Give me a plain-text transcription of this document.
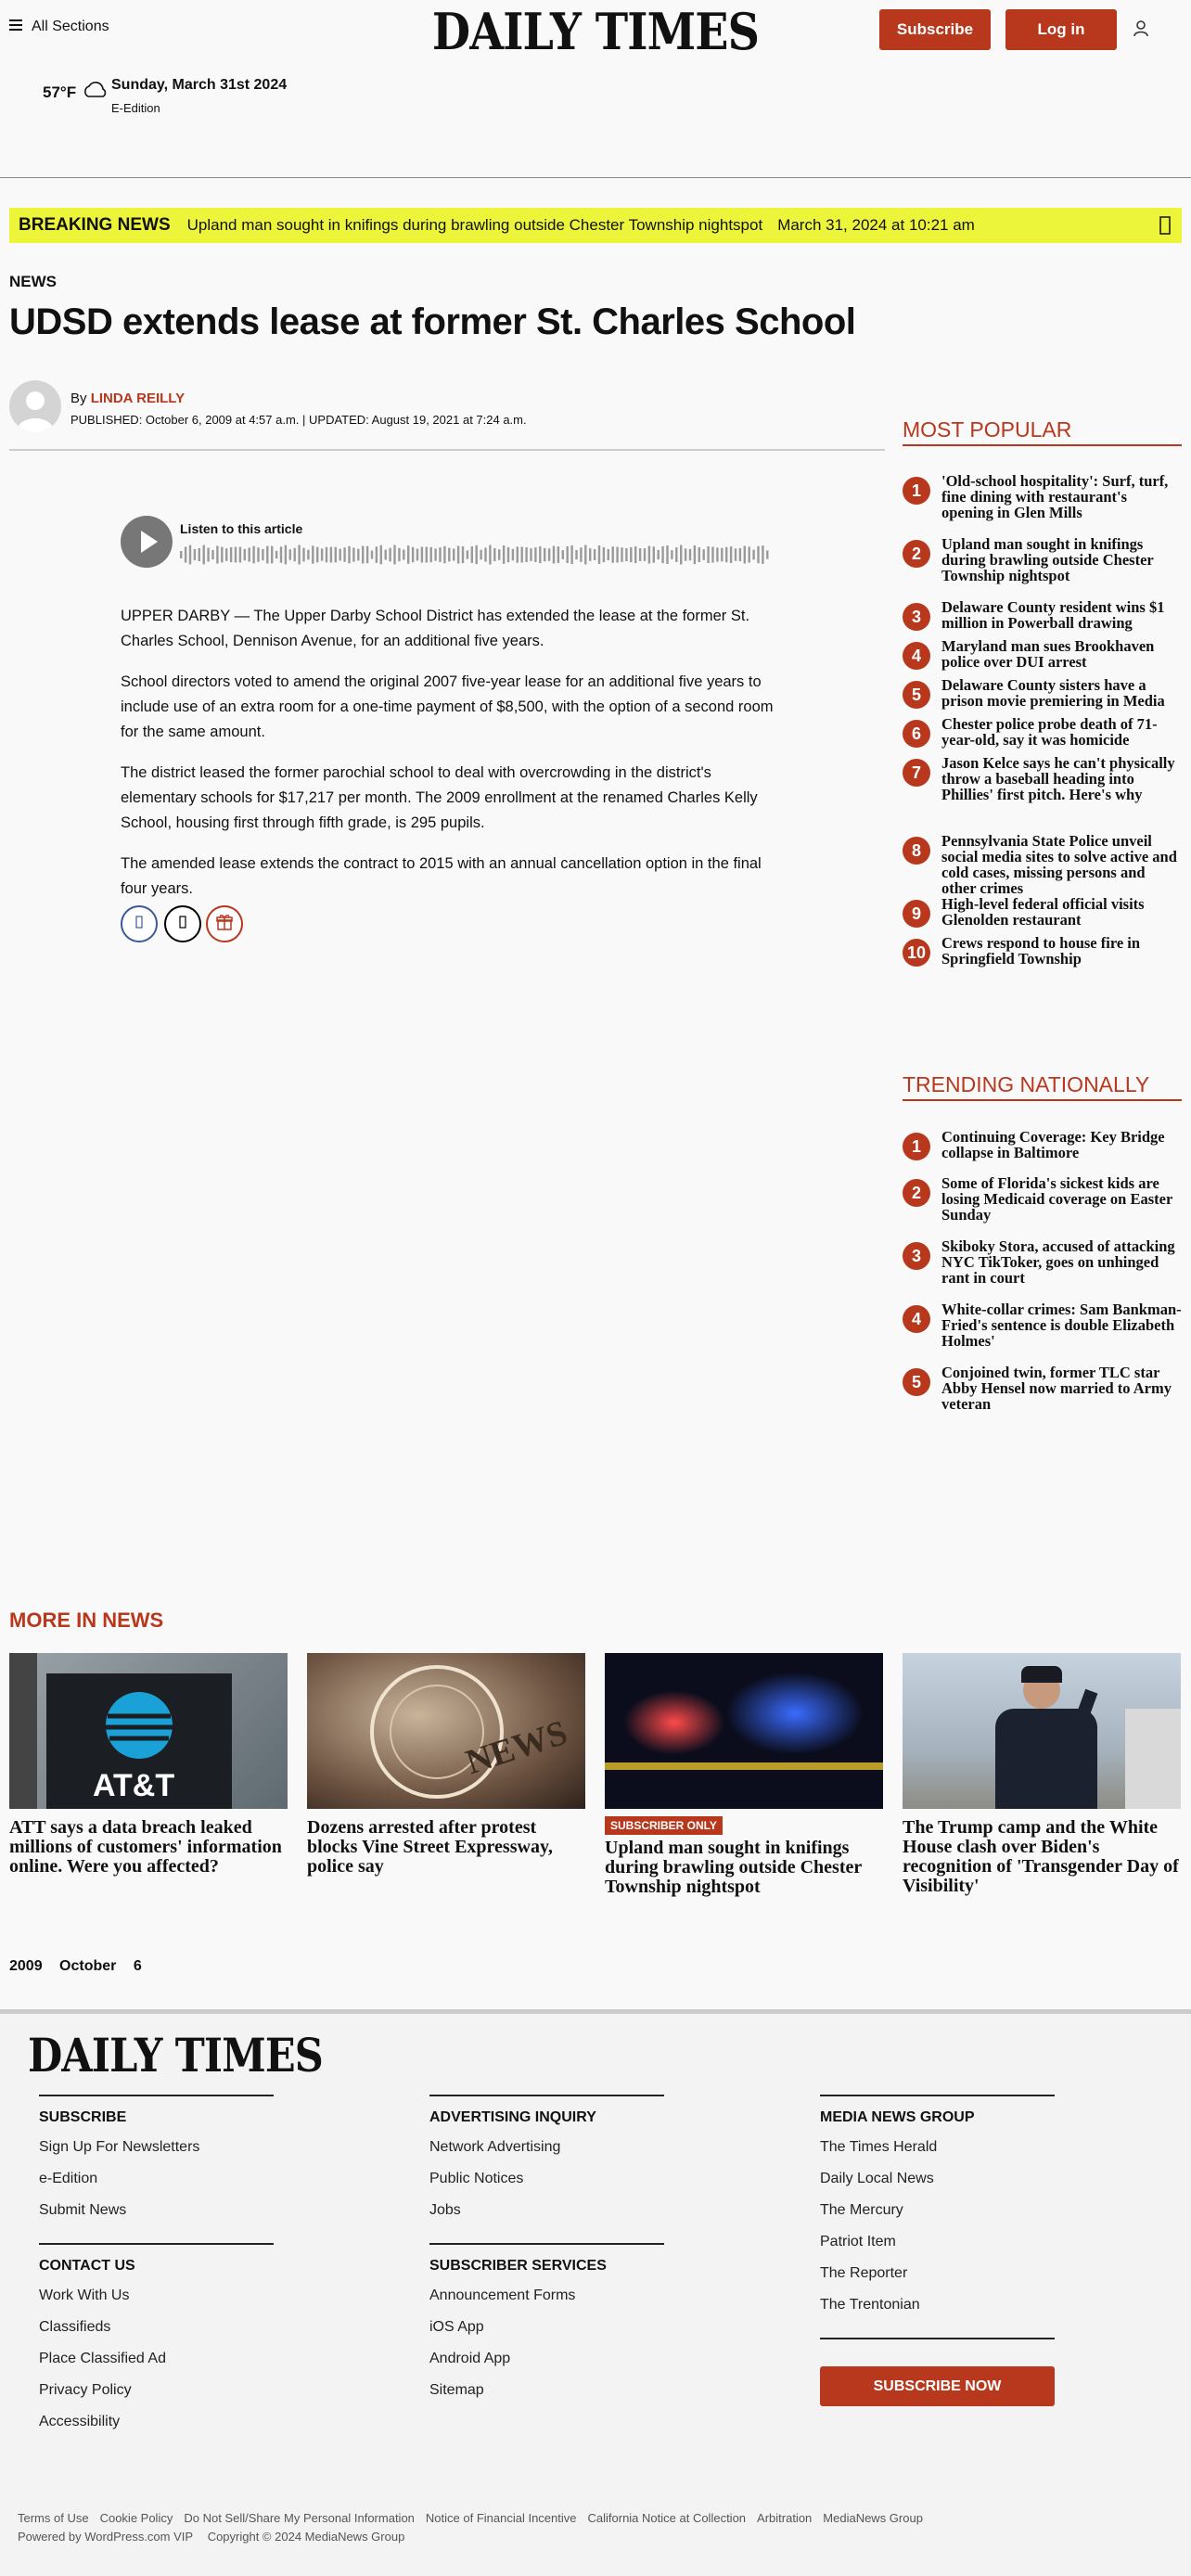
All Sections	DAILY TIMES	Subscribe	Log in
57°F Sunday, March 31st 2024
E-Edition
BREAKING NEWS Upland man sought in knifings during brawling outside Chester Township nightspot March 31, 2024 at 10:21 am
NEWS
UDSD extends lease at former St. Charles School
By LINDA REILLY
PUBLISHED: October 6, 2009 at 4:57 a.m. | UPDATED: August 19, 2021 at 7:24 a.m.
Listen to this article

UPPER DARBY — The Upper Darby School District has extended the lease at the former St. Charles School, Dennison Avenue, for an additional five years.

School directors voted to amend the original 2007 five-year lease for an additional five years to include use of an extra room for a one-time payment of $8,500, with the option of a second room for the same amount.

The district leased the former parochial school to deal with overcrowding in the district's elementary schools for $17,217 per month. The 2009 enrollment at the renamed Charles Kelly School, housing first through fifth grade, is 295 pupils.

The amended lease extends the contract to 2015 with an annual cancellation option in the final four years.

MOST POPULAR
1
'Old-school hospitality': Surf, turf, fine dining with restaurant's opening in Glen Mills
2
Upland man sought in knifings during brawling outside Chester Township nightspot
3
Delaware County resident wins $1 million in Powerball drawing
4
Maryland man sues Brookhaven police over DUI arrest
5
Delaware County sisters have a prison movie premiering in Media
6
Chester police probe death of 71-year-old, say it was homicide
7
Jason Kelce says he can't physically throw a baseball heading into Phillies' first pitch. Here's why
8
Pennsylvania State Police unveil social media sites to solve active and cold cases, missing persons and other crimes
9
High-level federal official visits Glenolden restaurant
10
Crews respond to house fire in Springfield Township
TRENDING NATIONALLY
1
Continuing Coverage: Key Bridge collapse in Baltimore
2
Some of Florida's sickest kids are losing Medicaid coverage on Easter Sunday
3
Skiboky Stora, accused of attacking NYC TikToker, goes on unhinged rant in court
4
White-collar crimes: Sam Bankman-Fried's sentence is double Elizabeth Holmes'
5
Conjoined twin, former TLC star Abby Hensel now married to Army veteran
MORE IN NEWS
AT&T
ATT says a data breach leaked millions of customers' information online. Were you affected?
NEWS
Dozens arrested after protest blocks Vine Street Expressway, police say
SUBSCRIBER ONLY
Upland man sought in knifings during brawling outside Chester Township nightspot
The Trump camp and the White House clash over Biden's recognition of 'Transgender Day of Visibility'
2009 October 6
DAILY TIMES
SUBSCRIBE
Sign Up For Newsletters
e-Edition
Submit News
CONTACT US
Work With Us
Classifieds
Place Classified Ad
Privacy Policy
Accessibility
ADVERTISING INQUIRY
Network Advertising
Public Notices
Jobs
SUBSCRIBER SERVICES
Announcement Forms
iOS App
Android App
Sitemap
MEDIA NEWS GROUP
The Times Herald
Daily Local News
The Mercury
Patriot Item
The Reporter
The Trentonian
SUBSCRIBE NOW
Terms of Use Cookie Policy Do Not Sell/Share My Personal Information Notice of Financial Incentive California Notice at Collection Arbitration MediaNews Group
Powered by WordPress.com VIP Copyright © 2024 MediaNews Group
